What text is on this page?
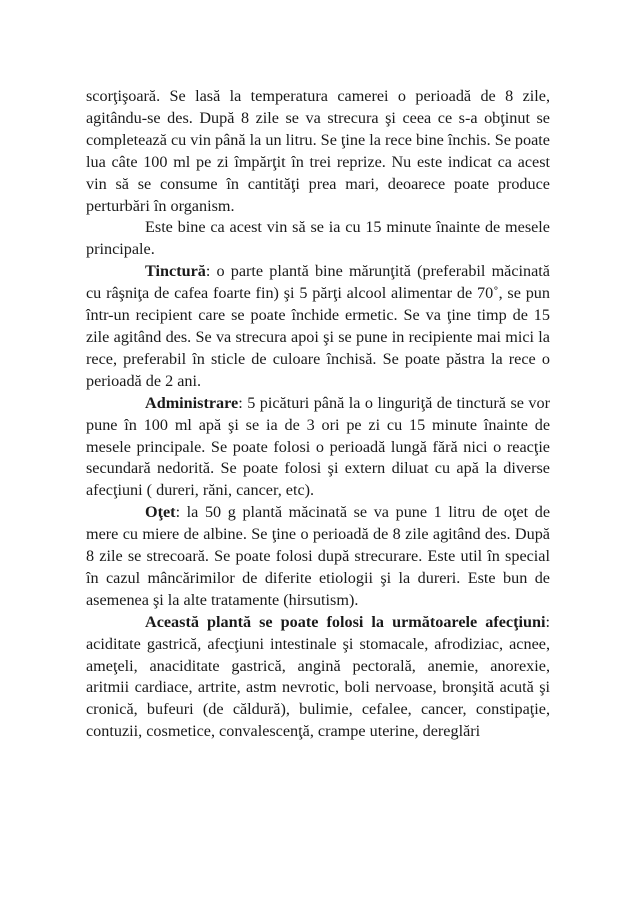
scorţişoară. Se lasă la temperatura camerei o perioadă de 8 zile, agitându-se des. După 8 zile se va strecura şi ceea ce s-a obţinut se completează cu vin până la un litru. Se ţine la rece bine închis. Se poate lua câte 100 ml pe zi împărţit în trei reprize. Nu este indicat ca acest vin să se consume în cantităţi prea mari, deoarece poate produce perturbări în organism.

Este bine ca acest vin să se ia cu 15 minute înainte de mesele principale.

Tinctură: o parte plantă bine mărunţită (preferabil măcinată cu râşniţa de cafea foarte fin) şi 5 părţi alcool alimentar de 70˚, se pun într-un recipient care se poate închide ermetic. Se va ţine timp de 15 zile agitând des. Se va strecura apoi şi se pune in recipiente mai mici la rece, preferabil în sticle de culoare închisă. Se poate păstra la rece o perioadă de 2 ani.

Administrare: 5 picături până la o linguriţă de tinctură se vor pune în 100 ml apă şi se ia de 3 ori pe zi cu 15 minute înainte de mesele principale. Se poate folosi o perioadă lungă fără nici o reacţie secundară nedorită. Se poate folosi şi extern diluat cu apă la diverse afecţiuni ( dureri, răni, cancer, etc).

Oţet: la 50 g plantă măcinată se va pune 1 litru de oţet de mere cu miere de albine. Se ţine o perioadă de 8 zile agitând des. După 8 zile se strecoară. Se poate folosi după strecurare. Este util în special în cazul mâncărimilor de diferite etiologii şi la dureri. Este bun de asemenea şi la alte tratamente (hirsutism).

Această plantă se poate folosi la următoarele afecţiuni: aciditate gastrică, afecţiuni intestinale şi stomacale, afrodiziac, acnee, ameţeli, anaciditate gastrică, angină pectorală, anemie, anorexie, aritmii cardiace, artrite, astm nevrotic, boli nervoase, bronşită acută şi cronică, bufeuri (de căldură), bulimie, cefalee, cancer, constipaţie, contuzii, cosmetice, convalescenţă, crampe uterine, dereglări
